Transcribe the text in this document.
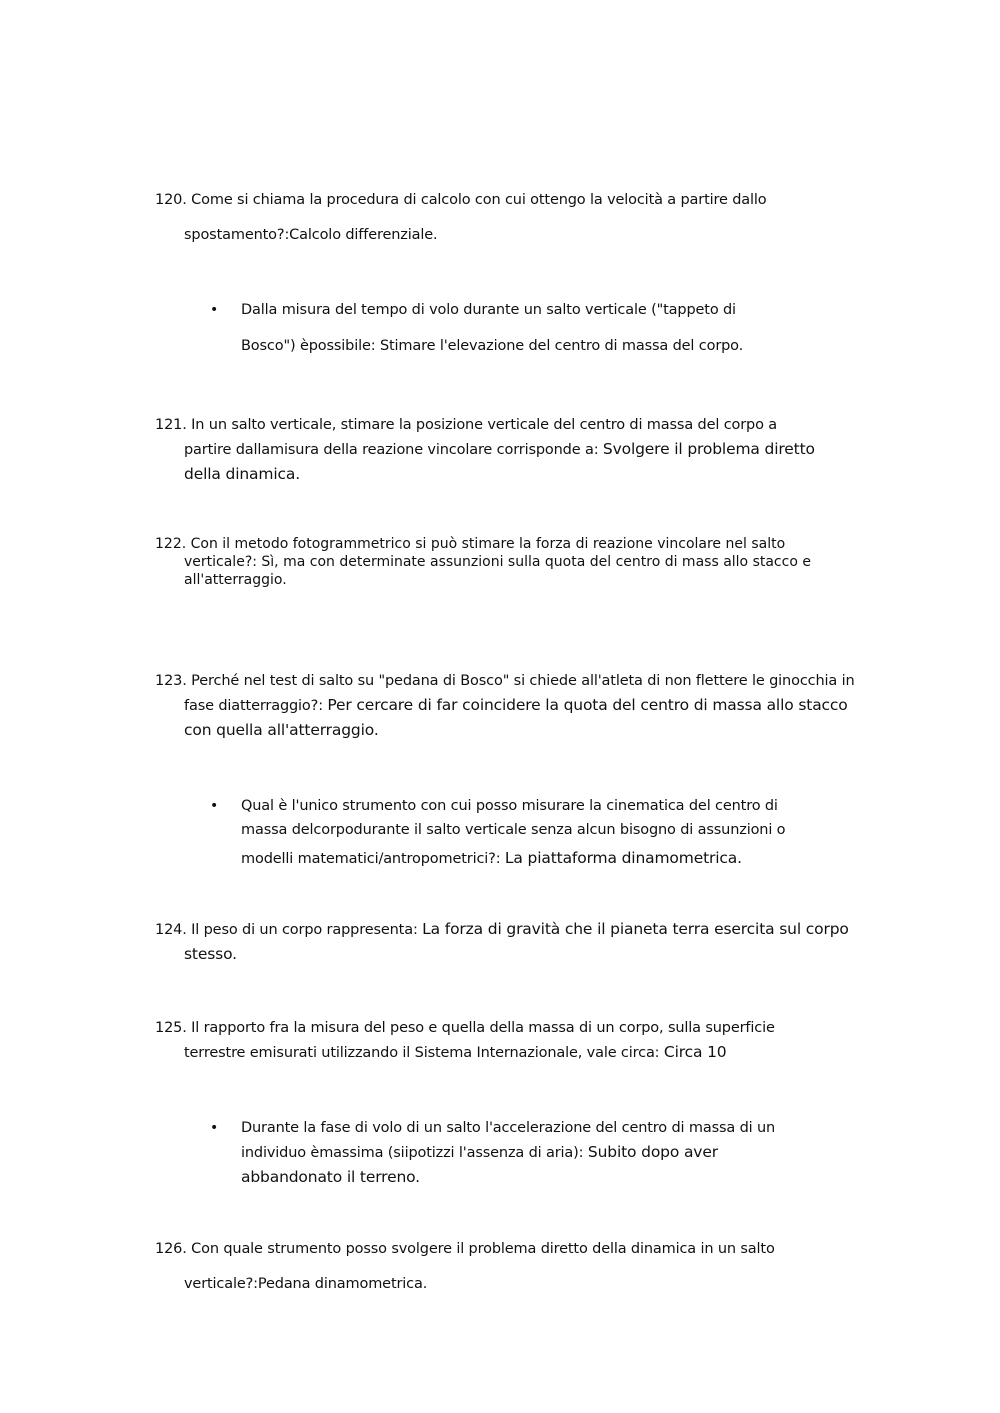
120. Come si chiama la procedura di calcolo con cui ottengo la velocità a partire dallo
spostamento?:Calcolo differenziale.
• Dalla misura del tempo di volo durante un salto verticale ("tappeto di
Bosco") èpossibile: Stimare l'elevazione del centro di massa del corpo.
121. In un salto verticale, stimare la posizione verticale del centro di massa del corpo a
partire dallamisura della reazione vincolare corrisponde a: Svolgere il problema diretto
della dinamica.
122. Con il metodo fotogrammetrico si può stimare la forza di reazione vincolare nel salto
verticale?: Sì, ma con determinate assunzioni sulla quota del centro di mass allo stacco e
all'atterraggio.
123. Perché nel test di salto su "pedana di Bosco" si chiede all'atleta di non flettere le ginocchia in
fase diatterraggio?: Per cercare di far coincidere la quota del centro di massa allo stacco
con quella all'atterraggio.
• Qual è l'unico strumento con cui posso misurare la cinematica del centro di
massa delcorpodurante il salto verticale senza alcun bisogno di assunzioni o
modelli matematici/antropometrici?: La piattaforma dinamometrica.
124. Il peso di un corpo rappresenta: La forza di gravità che il pianeta terra esercita sul corpo
stesso.
125. Il rapporto fra la misura del peso e quella della massa di un corpo, sulla superficie
terrestre emisurati utilizzando il Sistema Internazionale, vale circa: Circa 10
• Durante la fase di volo di un salto l'accelerazione del centro di massa di un
individuo èmassima (siipotizzi l'assenza di aria): Subito dopo aver
abbandonato il terreno.
126. Con quale strumento posso svolgere il problema diretto della dinamica in un salto
verticale?:Pedana dinamometrica.
